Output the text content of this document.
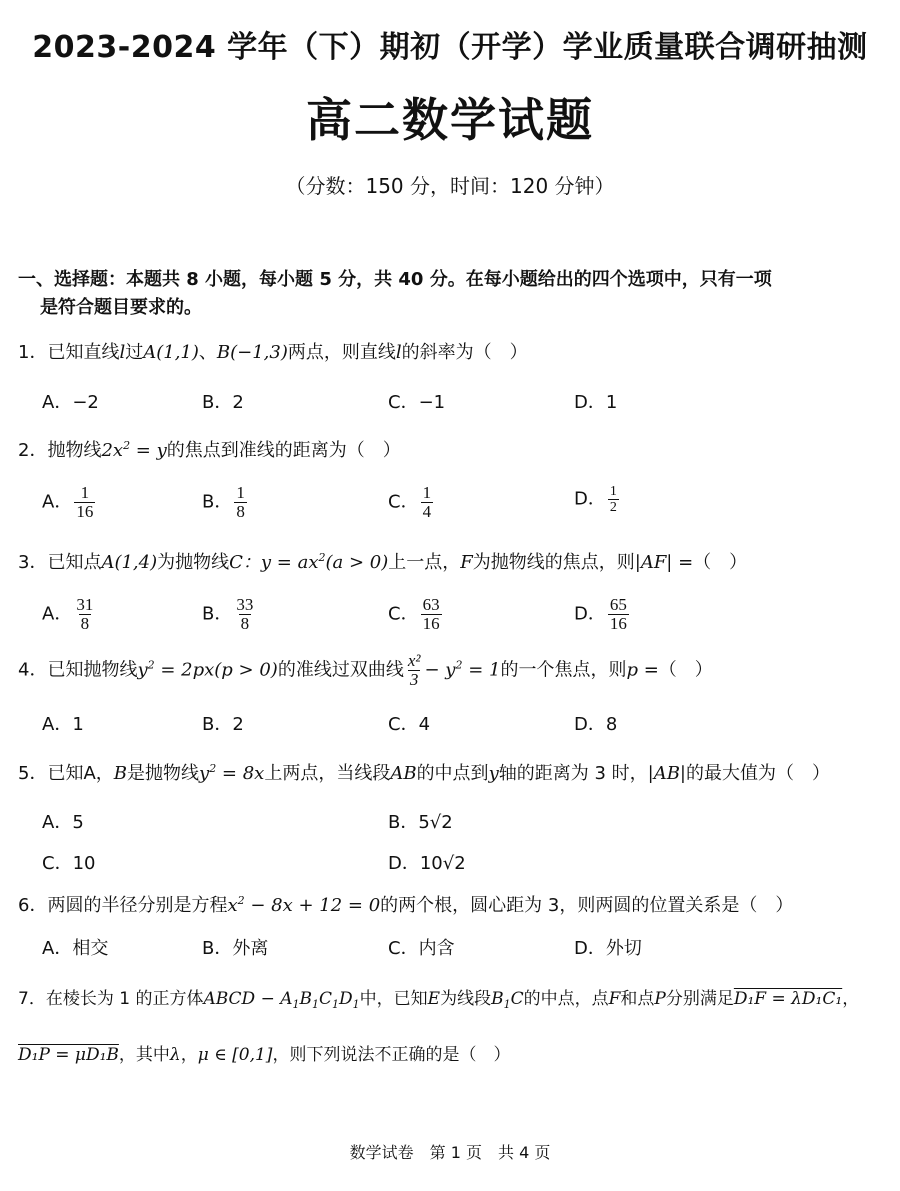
2023-2024 学年（下）期初（开学）学业质量联合调研抽测
高二数学试题
（分数：150 分，时间：120 分钟）
一、选择题：本题共 8 小题，每小题 5 分，共 40 分。在每小题给出的四个选项中，只有一项
是符合题目要求的。
1．已知直线l过A(1,1)、B(−1,3)两点，则直线l的斜率为（　）
A．−2	B．2	C．−1	D．1
2．抛物线$2x^2 = y$的焦点到准线的距离为（　）
A． $\frac{1}{16}$	B． $\frac{1}{8}$	C． $\frac{1}{4}$	D． $\frac{1}{2}$
3．已知点A(1,4)为抛物线C：$y = ax^2(a > 0)$上一点，F为抛物线的焦点，则|AF| =（　）
A． $\frac{31}{8}$	B． $\frac{33}{8}$	C． $\frac{63}{16}$	D． $\frac{65}{16}$
4．已知抛物线$y^2 = 2px(p > 0)$的准线过双曲线 $\frac{\text{x²}}{3} - y^2 = 1$的一个焦点，则p =（　）
A．1	B．2	C．4	D．8
5．已知A，B是抛物线$y^2 = 8x$上两点，当线段AB的中点到y轴的距离为 3 时，|AB|的最大值为（　）
A．5	B．5√2
C．10	D．10√2
6．两圆的半径分别是方程$x^2 - 8x + 12 = 0$的两个根，圆心距为 3，则两圆的位置关系是（　）
A．相交	B．外离	C．内含	D．外切
7．在棱长为 1 的正方体ABCD − $A_1B_1C_1D_1$中，已知E为线段$B_1C$的中点，点F和点P分别满足D₁F = λD₁C₁，
D₁P = μD₁B，其中λ，μ ∈ [0,1]，则下列说法不正确的是（　）
数学试卷　第 1 页　共 4 页
